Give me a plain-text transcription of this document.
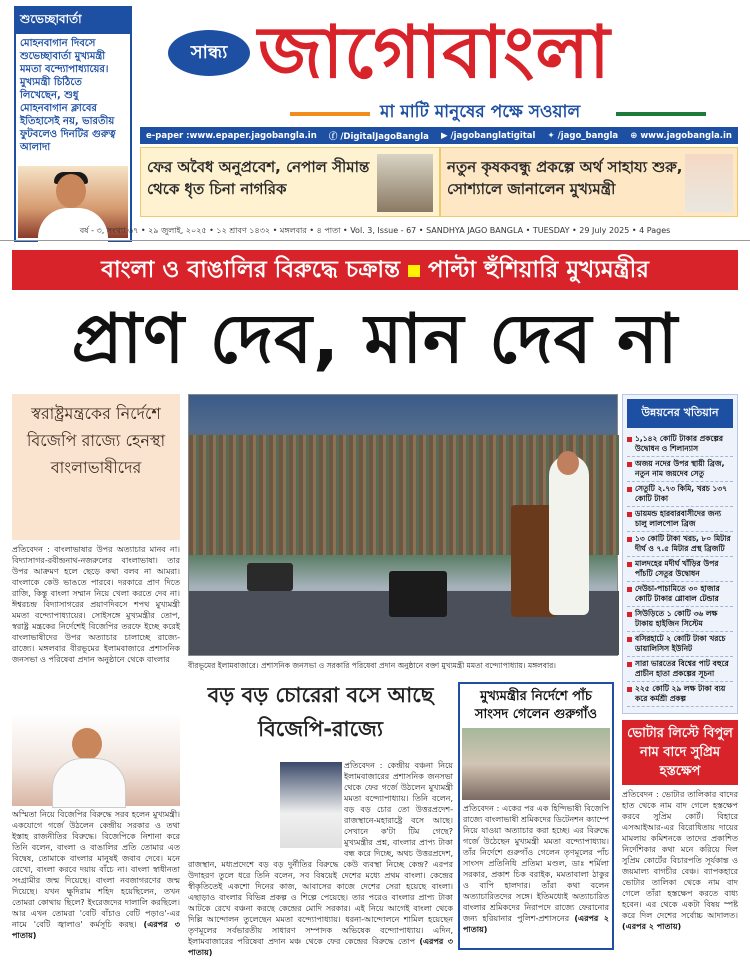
শুভেচ্ছাবার্তা
মোহনবাগান দিবসে শুভেচ্ছাবার্তা মুখ্যমন্ত্রী মমতা বন্দ্যোপাধ্যায়ের। মুখ্যমন্ত্রী চিঠিতে লিখেছেন, শুধু মোহনবাগান ক্লাবের ইতিহাসেই নয়, ভারতীয় ফুটবলেও দিনটির গুরুত্ব আলাদা
সান্ধ্য জাগোবাংলা
মা মাটি মানুষের পক্ষে সওয়াল
e-paper :www.epaper.jagobangla.in ⓕ /DigitalJagoBangla ▶ /jagobanglatigital ✦ /jago_bangla ⊕ www.jagobangla.in
ফের অবৈধ অনুপ্রবেশ, নেপাল সীমান্ত থেকে ধৃত চিনা নাগরিক
নতুন কৃষকবন্ধু প্রকল্পে অর্থ সাহায্য শুরু, সোশ্যালে জানালেন মুখ্যমন্ত্রী
বর্ষ - ৩, সংখ্যা ৬৭ • ২৯ জুলাই, ২০২৫ • ১২ শ্রাবণ ১৪৩২ • মঙ্গলবার • ৪ পাতা • Vol. 3, Issue - 67 • SANDHYA JAGO BANGLA • TUESDAY • 29 July 2025 • 4 Pages
বাংলা ও বাঙালির বিরুদ্ধে চক্রান্ত পাল্টা হুঁশিয়ারি মুখ্যমন্ত্রীর
প্রাণ দেব, মান দেব না
স্বরাষ্ট্রমন্ত্রকের নির্দেশে বিজেপি রাজ্যে হেনস্থা বাংলাভাষীদের
প্রতিবেদন : বাংলাভাষার উপর অত্যাচার মানব না। বিদ্যাসাগর-রবীন্দ্রনাথ-নজরুলের বাংলাভাষা। তার উপর আক্রমণ হলে ছেড়ে কথা বলব না আমরা। বাংলাকে কেউ ভাঙতে পারবে। দরকারে প্রাণ দিতে রাজি, কিন্তু বাংলা সম্মান নিয়ে খেলা করতে দেব না। ঈশ্বরচন্দ্র বিদ্যাসাগরের প্রয়াণদিবসে শপথ মুখ্যমন্ত্রী মমতা বন্দ্যোপাধ্যায়ের। সোইসঙ্গে মুখ্যমন্ত্রীর তোপ, স্বরাষ্ট্র মন্ত্রকের নির্দেশেই বিজেপির তরফে ইচ্ছে করেই বাংলাভাষীদের উপর অত্যাচার চালাচ্ছে রাজ্যে-রাজ্যে। মঙ্গলবার বীরভূমের ইলামবাজারে প্রশাসনিক জনসভা ও পরিষেবা প্রদান অনুষ্ঠানে থেকে বাংলার
অস্মিতা নিয়ে বিজেপির বিরুদ্ধে সরব হলেন মুখ্যমন্ত্রী। একযোগে গর্জে উঠলেন কেন্দ্রীয় সরকার ও তথা ইস্তাহ রাজনীতির বিরুদ্ধে। বিজেপিকে নিশানা করে তিনি বলেন, বাংলা ও বাঙালির প্রতি তোমার এত বিদ্বেষ, তোমাকে বাংলার মানুষই জবাব দেবে। মনে রেখো, বাংলা করবে দয়ায় বাঁচে না। বাংলা স্বাধীনতা সংগ্রামীর জন্ম দিয়েছে। বাংলা নবজাগরণের জন্ম দিয়েছে। যখন ক্ষুদিরাম শহিদ হয়েছিলেন, তখন তোমরা কোথায় ছিলে? ইংরেজদের দালালি করছিলে। আর এখন তোমরা 'বেটি বাঁচাও বেটি পড়াও'-এর নামে 'বেটি জ্বালাও' কর্মসূচি করছ। (এরপর ৩ পাতায়)
বীরভূমের ইলামবাজারে। প্রশাসনিক জনসভা ও সরকারি পরিষেবা প্রদান অনুষ্ঠানে বক্তা মুখ্যমন্ত্রী মমতা বন্দ্যোপাধ্যায়। মঙ্গলবার।
বড় বড় চোরেরা বসে আছে বিজেপি-রাজ্যে
প্রতিবেদন : কেন্দ্রীয় বঞ্চনা নিয়ে ইলামবাজারের প্রশাসনিক জনসভা থেকে ফের গর্জে উঠলেন মুখ্যমন্ত্রী মমতা বন্দ্যোপাধ্যায়। তিনি বলেন, বড় বড় চোর তো উত্তরপ্রদেশ-রাজস্থানে-মহারাষ্ট্রে বসে আছে। সেখানে ক'টা টিম গেছে? মুখ্যমন্ত্রীর প্রশ্ন, বাংলার প্রাপ্য টাকা বন্ধ করে দিচ্ছে, অথচ উত্তরপ্রদেশ, রাজস্থান, মধ্যপ্রদেশে বড় বড় দুর্নীতির বিরুদ্ধে কেউ ব্যবস্থা নিচ্ছে কেন্দ্র? এরপর উদাহরণ তুলে ধরে তিনি বলেন, সব বিষয়েই দেশের মধ্যে প্রথম বাংলা। কেন্দ্রের স্বীকৃতিতেই একশো দিনের কাজ, আবাসের কাজে দেশের সেরা হয়েছে বাংলা। এছাড়াও বাংলার বিভিন্ন প্রকল্প ও শিল্পে পেয়েছে। তার পরেও বাংলার প্রাপ্য টাকা আটকে রেখে বঞ্চনা করছে কেন্দ্রের মোদি সরকার। এই নিয়ে আগেই বাংলা থেকে দিল্লি আন্দোলন তুলেছেন মমতা বন্দ্যোপাধ্যায়। ধরনা-আন্দোলনে শামিল হয়েছেন তৃণমূলের সর্বভারতীয় সাধারণ সম্পাদক অভিষেক বন্দ্যোপাধ্যায়। এদিন, ইলামবাজারের পরিষেবা প্রদান মঞ্চ থেকে ফের কেন্দ্রের বিরুদ্ধে তোপ (এরপর ৩ পাতায়)
মুখ্যমন্ত্রীর নির্দেশে পাঁচ সাংসদ গেলেন গুরুগাঁও
প্রতিবেদন : একের পর এক হিন্দিভাষী বিজেপি রাজ্যে বাংলাভাষী শ্রমিকদের ডিটেনশন ক্যাম্পে নিয়ে যাওয়া অত্যাচার করা হচ্ছে। এর বিরুদ্ধে গর্জে উঠেছেন মুখ্যমন্ত্রী মমতা বন্দ্যোপাধ্যায়। তাঁর নির্দেশে গুরুগাঁও গেলেন তৃণমূলের পাঁচ সাংসদ প্রতিনিধি প্রতিমা মণ্ডল, ডাঃ শর্মিলা সরকার, প্রকাশ চিক বরাইক, মমতাবালা ঠাকুর ও বাপি হালদার। তাঁরা কথা বলেন অত্যাচারিতদের সঙ্গে। ইতিমধ্যেই অত্যাচারিত বাংলার শ্রমিকদের নিরাপদে রাজ্যে ফেরানোর জন্য হরিয়ানার পুলিশ-প্রশাসনের (এরপর ২ পাতায়)
উন্নয়নের খতিয়ান
১,১৪২ কোটি টাকার প্রকল্পের উদ্বোধন ও শিলান্যাস
অজয় নদের উপর স্থায়ী ব্রিজ, নতুন নাম জয়দেব সেতু
সেতুটি ২.৭৩ কিমি, খরচ ১৩৭ কোটি টাকা
ডায়মন্ড হারবারবাসীদের জন্য চালু লালপোল ব্রিজ
১৩ কোটি টাকা খরচ, ৮০ মিটার দীর্ঘ ও ৭.৫ মিটার প্রস্থ ব্রিজটি
মালদহের মদীর্ঘ খাঁড়ির উপর পাঁচটি সেতুর উদ্বোধন
দেউচা-পাচামিতে ৩০ হাজার কোটি টাকার গ্লোবাল টেন্ডার
সিউড়িতে ১ কোটি ৩৬ লক্ষ টাকায় হাইজিন সিস্টেম
বসিরহাটে ২ কোটি টাকা খরচে ডায়ালিসিস ইউনিট
সারা ভারতের বিশ্বের পাট বহুরে প্রাচীন হাতা প্রকল্পের সূচনা
২২৫ কোটি ২৯ লক্ষ টাকা ব্যয় করে কর্মশ্রী প্রকল্প
ভোটার লিস্টে বিপুল নাম বাদে সুপ্রিম হস্তক্ষেপ
প্রতিবেদন : ভোটার তালিকার বাদের হাত থেকে নাম বাদ গেলে হস্তক্ষেপ করবে সুপ্রিম কোর্ট। বিহারে এসআইআর-এর বিরোধিতায় দায়ের মামলায় কমিশনকে তাদের প্রকাশিত নির্দেশিকার কথা মনে করিয়ে দিল সুপ্রিম কোর্টের বিচারপতি সূর্যকান্ত ও জয়মাল্য বাগচীর বেঞ্চ। ব্যাপকহারে ভোটার তালিকা থেকে নাম বাদ গেলে তাঁরা হস্তক্ষেপ করতে বাধ্য হবেন। এর থেকে একটা বিষয় স্পষ্ট করে দিল দেশের সর্বোচ্চ আদালত। (এরপর ২ পাতায়)
